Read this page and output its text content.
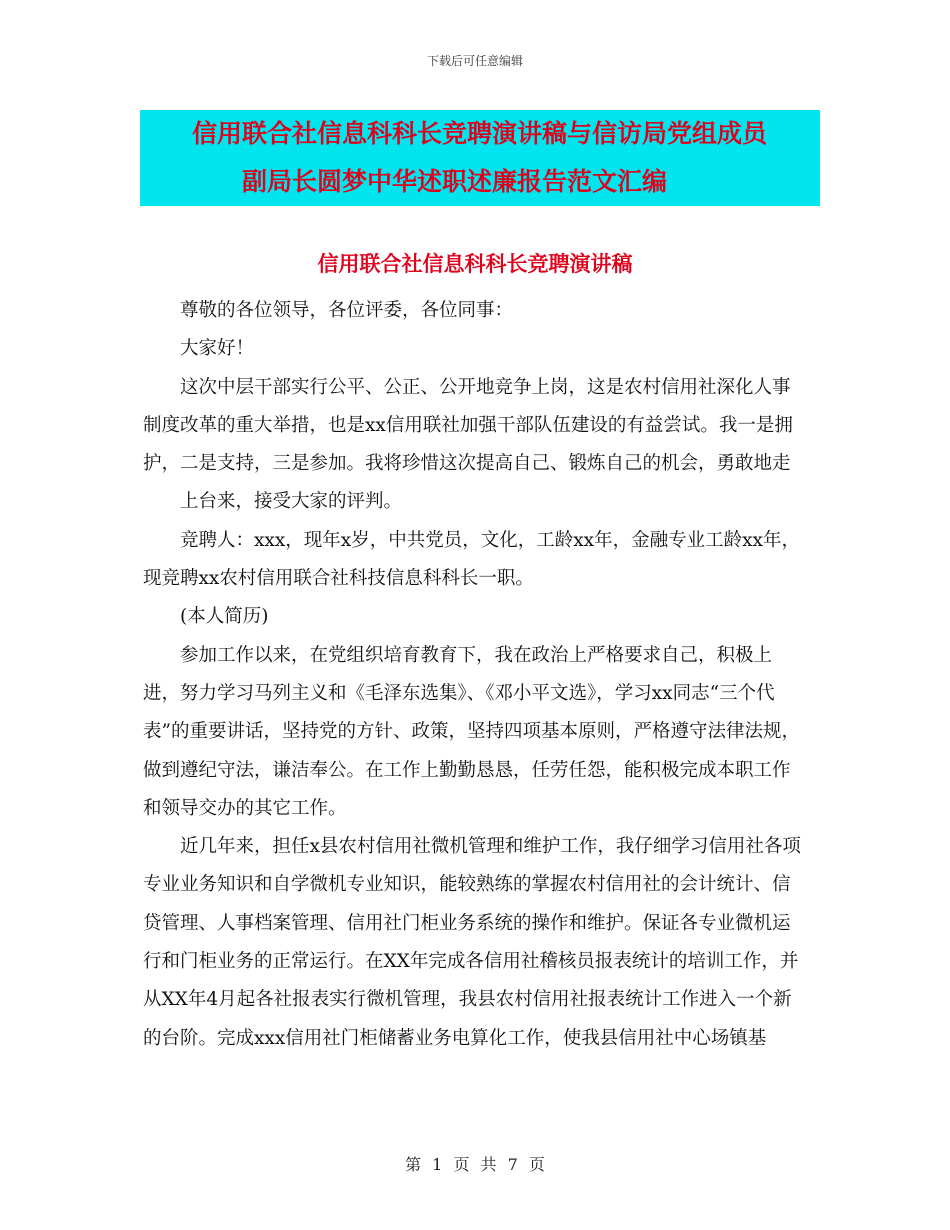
下载后可任意编辑
信用联合社信息科科长竞聘演讲稿与信访局党组成员
副局长圆梦中华述职述廉报告范文汇编
信用联合社信息科科长竞聘演讲稿

尊敬的各位领导，各位评委，各位同事：

大家好！

这次中层干部实行公平、公正、公开地竞争上岗，这是农村信用社深化人事制度改革的重大举措，也是xx信用联社加强干部队伍建设的有益尝试。我一是拥护，二是支持，三是参加。我将珍惜这次提高自己、锻炼自己的机会，勇敢地走

上台来，接受大家的评判。

竞聘人：xxx，现年x岁，中共党员，文化，工龄xx年，金融专业工龄xx年，现竞聘xx农村信用联合社科技信息科科长一职。

(本人简历)

参加工作以来，在党组织培育教育下，我在政治上严格要求自己，积极上进，努力学习马列主义和《毛泽东选集》、《邓小平文选》，学习xx同志“三个代表”的重要讲话，坚持党的方针、政策，坚持四项基本原则，严格遵守法律法规，做到遵纪守法，谦洁奉公。在工作上勤勤恳恳，任劳任怨，能积极完成本职工作和领导交办的其它工作。

近几年来，担任x县农村信用社微机管理和维护工作，我仔细学习信用社各项专业业务知识和自学微机专业知识，能较熟练的掌握农村信用社的会计统计、信贷管理、人事档案管理、信用社门柜业务系统的操作和维护。保证各专业微机运行和门柜业务的正常运行。在XX年完成各信用社稽核员报表统计的培训工作，并从XX年4月起各社报表实行微机管理，我县农村信用社报表统计工作进入一个新的台阶。完成xxx信用社门柜储蓄业务电算化工作，使我县信用社中心场镇基

第 1 页 共 7 页
